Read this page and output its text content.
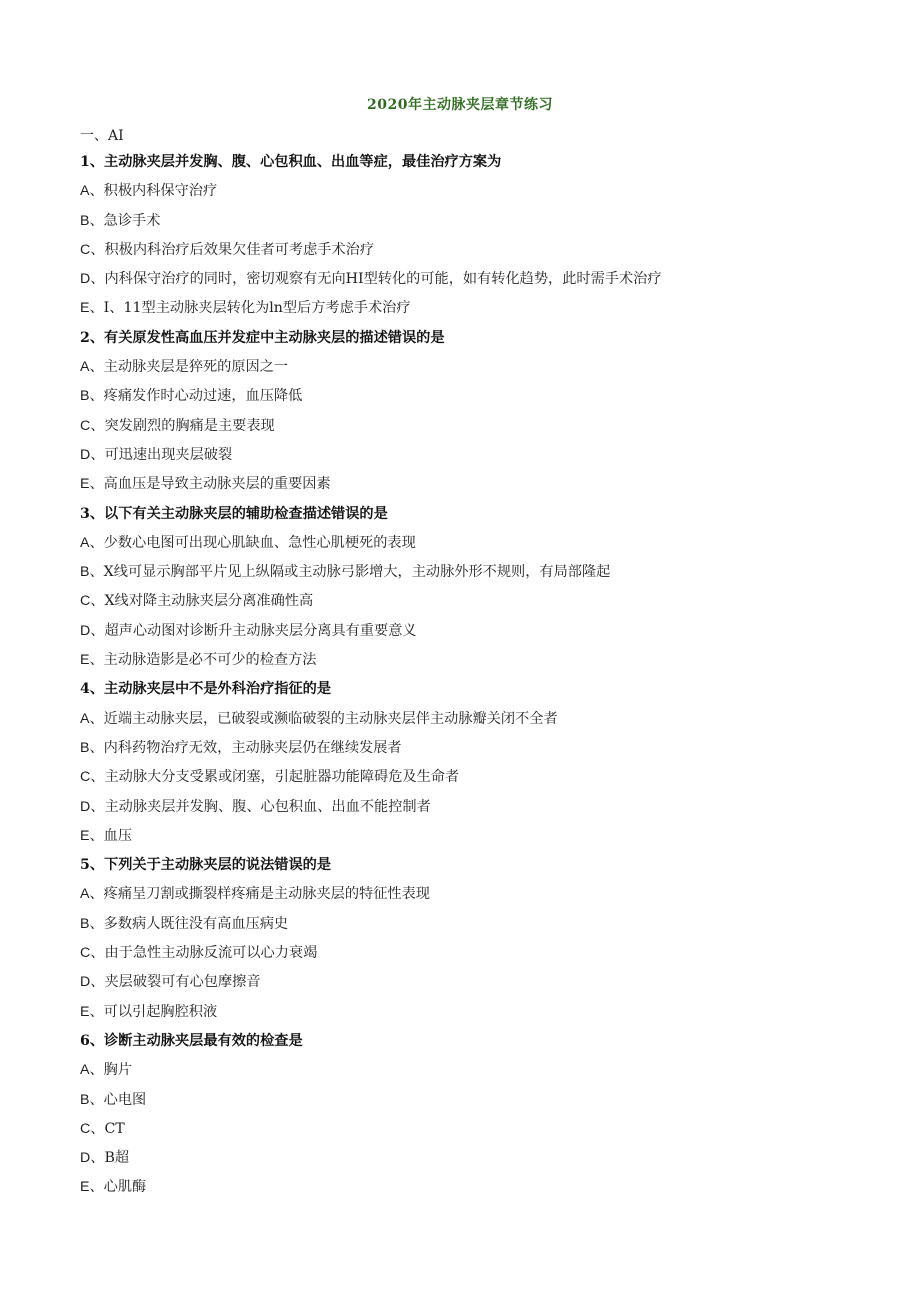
2020年主动脉夹层章节练习
一、AI
1、主动脉夹层并发胸、腹、心包积血、出血等症，最佳治疗方案为
A、积极内科保守治疗
B、急诊手术
C、积极内科治疗后效果欠佳者可考虑手术治疗
D、内科保守治疗的同时，密切观察有无向HI型转化的可能，如有转化趋势，此时需手术治疗
E、I、11型主动脉夹层转化为ln型后方考虑手术治疗
2、有关原发性高血压并发症中主动脉夹层的描述错误的是
A、主动脉夹层是猝死的原因之一
B、疼痛发作时心动过速，血压降低
C、突发剧烈的胸痛是主要表现
D、可迅速出现夹层破裂
E、高血压是导致主动脉夹层的重要因素
3、以下有关主动脉夹层的辅助检查描述错误的是
A、少数心电图可出现心肌缺血、急性心肌梗死的表现
B、X线可显示胸部平片见上纵隔或主动脉弓影增大，主动脉外形不规则，有局部隆起
C、X线对降主动脉夹层分离准确性高
D、超声心动图对诊断升主动脉夹层分离具有重要意义
E、主动脉造影是必不可少的检查方法
4、主动脉夹层中不是外科治疗指征的是
A、近端主动脉夹层，已破裂或濒临破裂的主动脉夹层伴主动脉瓣关闭不全者
B、内科药物治疗无效，主动脉夹层仍在继续发展者
C、主动脉大分支受累或闭塞，引起脏器功能障碍危及生命者
D、主动脉夹层并发胸、腹、心包积血、出血不能控制者
E、血压
5、下列关于主动脉夹层的说法错误的是
A、疼痛呈刀割或撕裂样疼痛是主动脉夹层的特征性表现
B、多数病人既往没有高血压病史
C、由于急性主动脉反流可以心力衰竭
D、夹层破裂可有心包摩擦音
E、可以引起胸腔积液
6、诊断主动脉夹层最有效的检查是
A、胸片
B、心电图
C、CT
D、B超
E、心肌酶
